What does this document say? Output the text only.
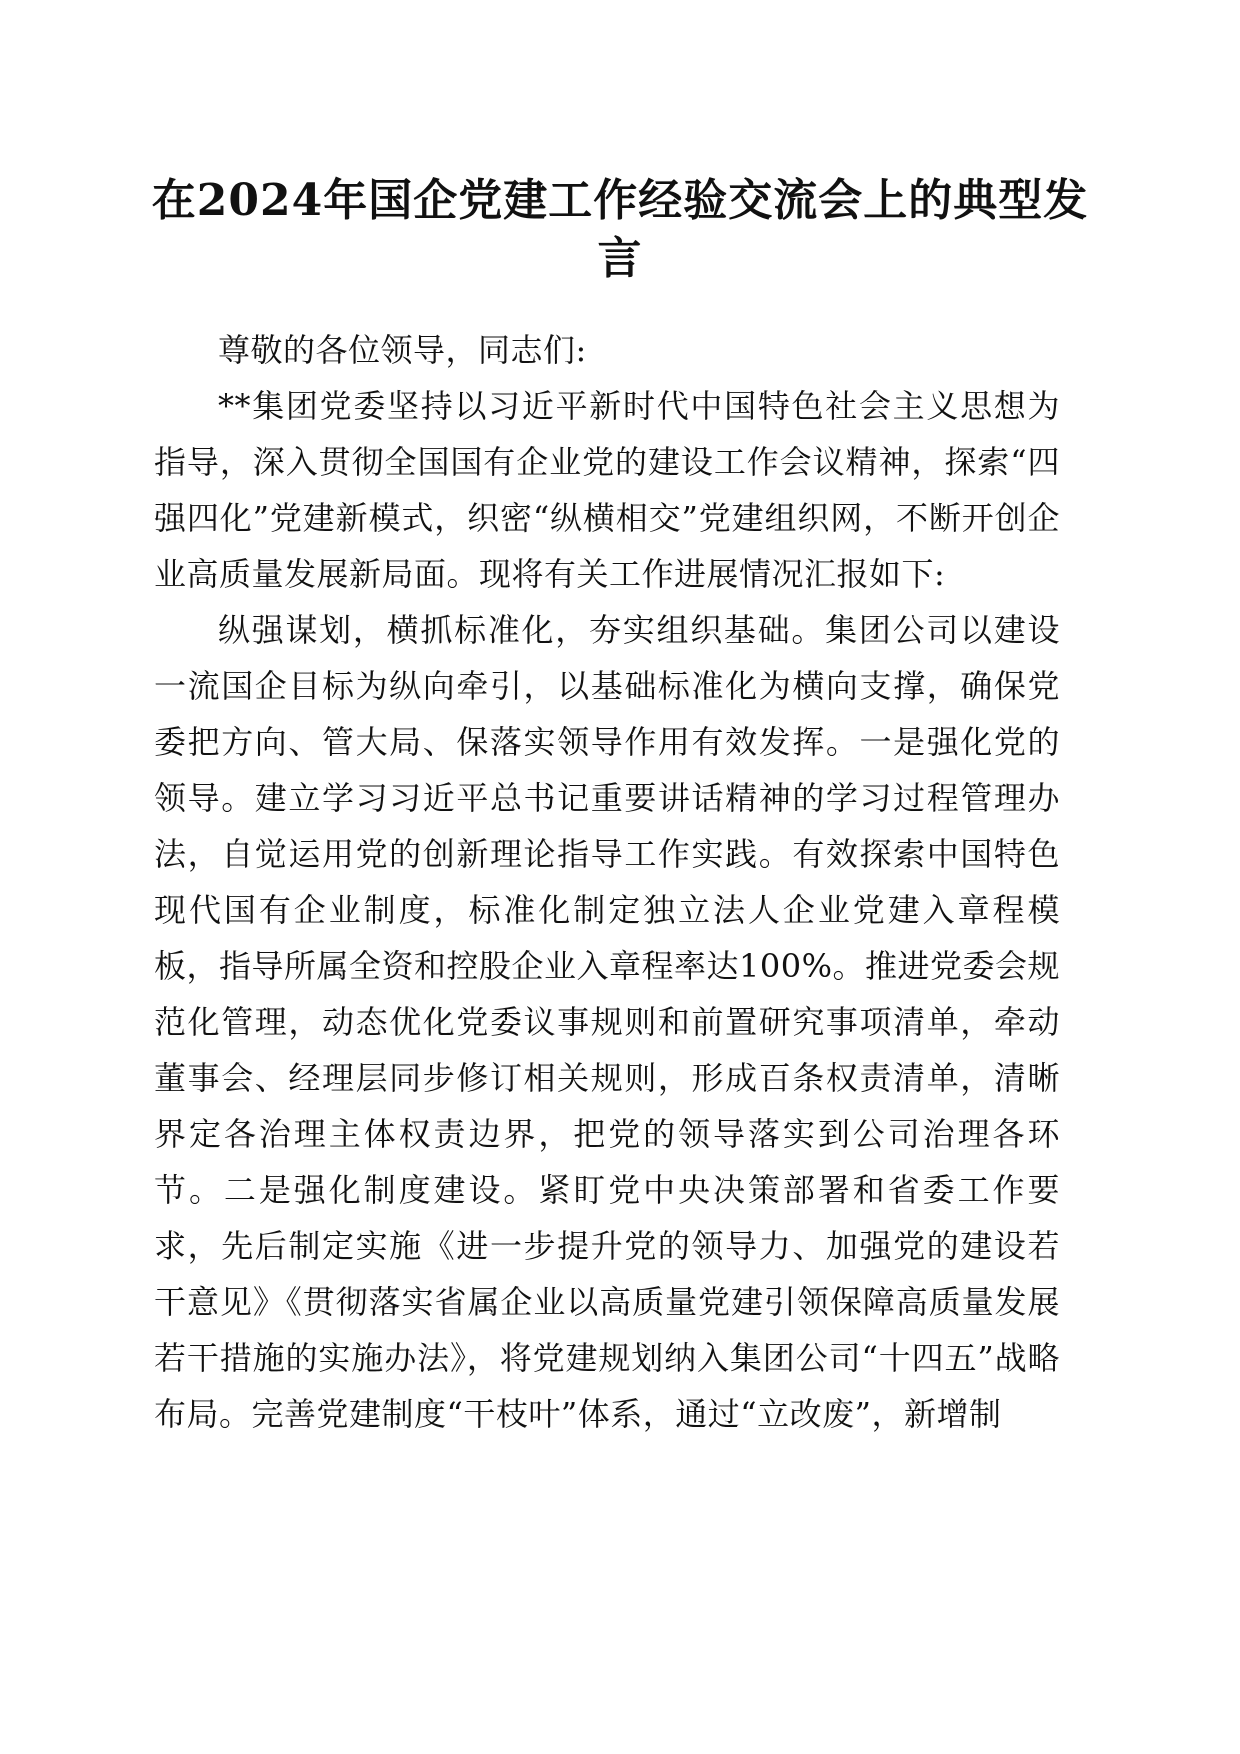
在2024年国企党建工作经验交流会上的典型发言

尊敬的各位领导，同志们:

**集团党委坚持以习近平新时代中国特色社会主义思想为指导，深入贯彻全国国有企业党的建设工作会议精神，探索“四强四化”党建新模式，织密“纵横相交”党建组织网，不断开创企业高质量发展新局面。现将有关工作进展情况汇报如下:

纵强谋划，横抓标准化，夯实组织基础。集团公司以建设一流国企目标为纵向牵引，以基础标准化为横向支撑，确保党委把方向、管大局、保落实领导作用有效发挥。一是强化党的领导。建立学习习近平总书记重要讲话精神的学习过程管理办法，自觉运用党的创新理论指导工作实践。有效探索中国特色现代国有企业制度，标准化制定独立法人企业党建入章程模板，指导所属全资和控股企业入章程率达100%。推进党委会规范化管理，动态优化党委议事规则和前置研究事项清单，牵动董事会、经理层同步修订相关规则，形成百条权责清单，清晰界定各治理主体权责边界，把党的领导落实到公司治理各环节。二是强化制度建设。紧盯党中央决策部署和省委工作要求，先后制定实施《进一步提升党的领导力、加强党的建设若干意见》《贯彻落实省属企业以高质量党建引领保障高质量发展若干措施的实施办法》，将党建规划纳入集团公司“十四五”战略布局。完善党建制度“干枝叶”体系，通过“立改废”，新增制
